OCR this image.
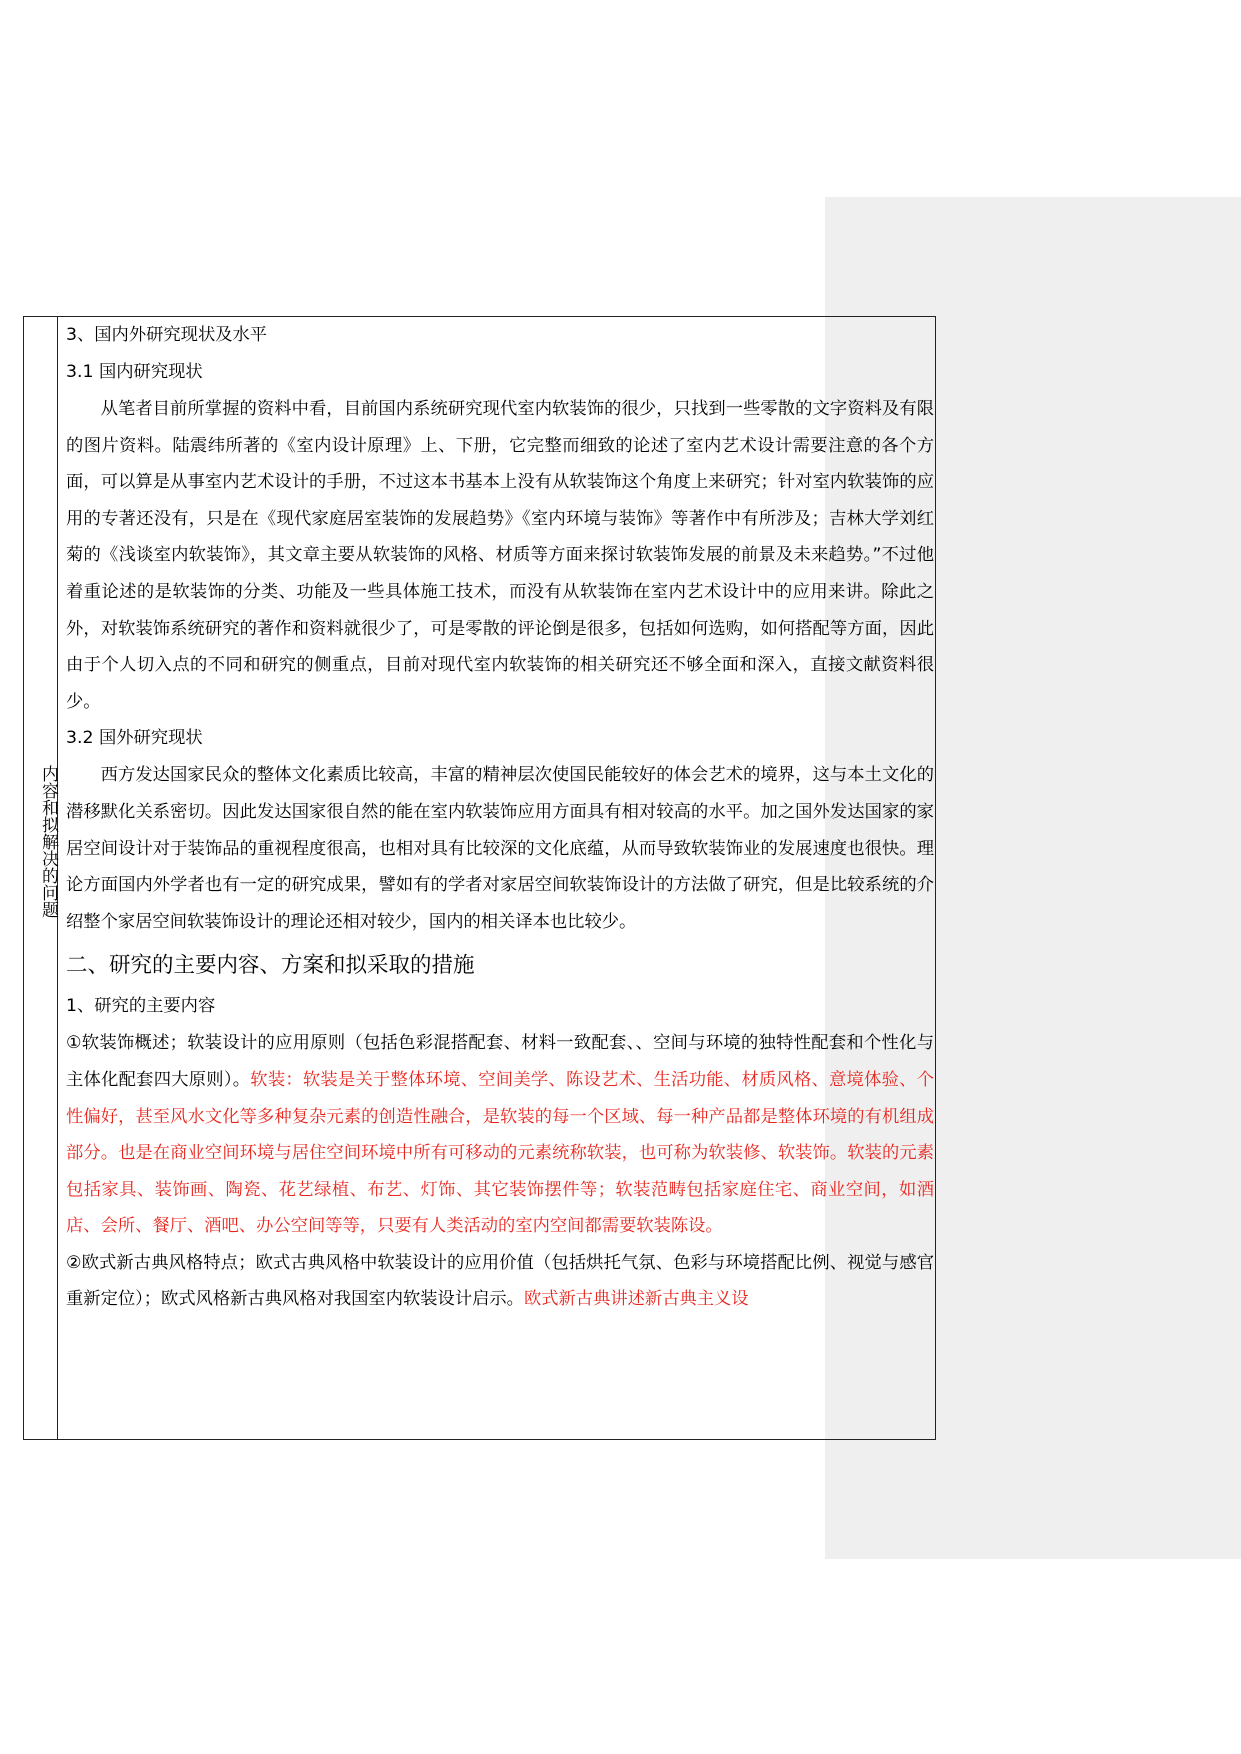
内容和拟解决的问题
3、国内外研究现状及水平
3.1 国内研究现状

从笔者目前所掌握的资料中看，目前国内系统研究现代室内软装饰的很少，只找到一些零散的文字资料及有限的图片资料。陆震纬所著的《室内设计原理》上、下册，它完整而细致的论述了室内艺术设计需要注意的各个方面，可以算是从事室内艺术设计的手册，不过这本书基本上没有从软装饰这个角度上来研究；针对室内软装饰的应用的专著还没有，只是在《现代家庭居室装饰的发展趋势》《室内环境与装饰》等著作中有所涉及；吉林大学刘红菊的《浅谈室内软装饰》，其文章主要从软装饰的风格、材质等方面来探讨软装饰发展的前景及未来趋势。”不过他着重论述的是软装饰的分类、功能及一些具体施工技术，而没有从软装饰在室内艺术设计中的应用来讲。除此之外，对软装饰系统研究的著作和资料就很少了，可是零散的评论倒是很多，包括如何选购，如何搭配等方面，因此由于个人切入点的不同和研究的侧重点，目前对现代室内软装饰的相关研究还不够全面和深入，直接文献资料很少。

3.2 国外研究现状

西方发达国家民众的整体文化素质比较高，丰富的精神层次使国民能较好的体会艺术的境界，这与本土文化的潜移默化关系密切。因此发达国家很自然的能在室内软装饰应用方面具有相对较高的水平。加之国外发达国家的家居空间设计对于装饰品的重视程度很高，也相对具有比较深的文化底蕴，从而导致软装饰业的发展速度也很快。理论方面国内外学者也有一定的研究成果，譬如有的学者对家居空间软装饰设计的方法做了研究，但是比较系统的介绍整个家居空间软装饰设计的理论还相对较少，国内的相关译本也比较少。

二、研究的主要内容、方案和拟采取的措施
1、研究的主要内容

①软装饰概述；软装设计的应用原则（包括色彩混搭配套、材料一致配套、、空间与环境的独特性配套和个性化与主体化配套四大原则）。软装：软装是关于整体环境、空间美学、陈设艺术、生活功能、材质风格、意境体验、个性偏好，甚至风水文化等多种复杂元素的创造性融合，是软装的每一个区域、每一种产品都是整体环境的有机组成部分。也是在商业空间环境与居住空间环境中所有可移动的元素统称软装，也可称为软装修、软装饰。软装的元素包括家具、装饰画、陶瓷、花艺绿植、布艺、灯饰、其它装饰摆件等；软装范畴包括家庭住宅、商业空间，如酒店、会所、餐厅、酒吧、办公空间等等，只要有人类活动的室内空间都需要软装陈设。

②欧式新古典风格特点；欧式古典风格中软装设计的应用价值（包括烘托气氛、色彩与环境搭配比例、视觉与感官重新定位）；欧式风格新古典风格对我国室内软装设计启示。欧式新古典讲述新古典主义设
